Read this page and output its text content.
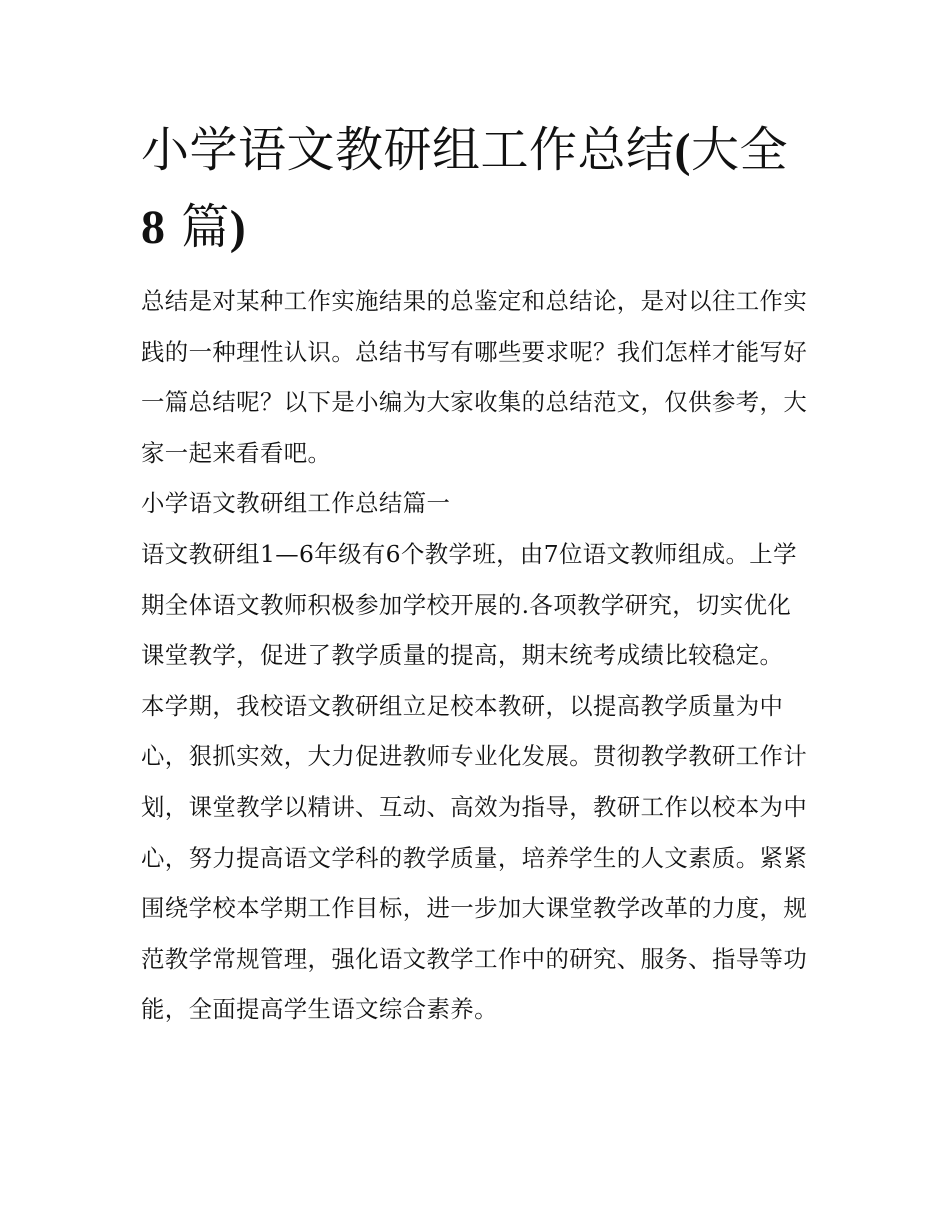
小学语文教研组工作总结(大全
8 篇)

总结是对某种工作实施结果的总鉴定和总结论，是对以往工作实践的一种理性认识。总结书写有哪些要求呢？我们怎样才能写好一篇总结呢？以下是小编为大家收集的总结范文，仅供参考，大家一起来看看吧。

小学语文教研组工作总结篇一

语文教研组1—6年级有6个教学班，由7位语文教师组成。上学期全体语文教师积极参加学校开展的.各项教学研究，切实优化课堂教学，促进了教学质量的提高，期末统考成绩比较稳定。

本学期，我校语文教研组立足校本教研，以提高教学质量为中心，狠抓实效，大力促进教师专业化发展。贯彻教学教研工作计划，课堂教学以精讲、互动、高效为指导，教研工作以校本为中心，努力提高语文学科的教学质量，培养学生的人文素质。紧紧围绕学校本学期工作目标，进一步加大课堂教学改革的力度，规范教学常规管理，强化语文教学工作中的研究、服务、指导等功能，全面提高学生语文综合素养。
